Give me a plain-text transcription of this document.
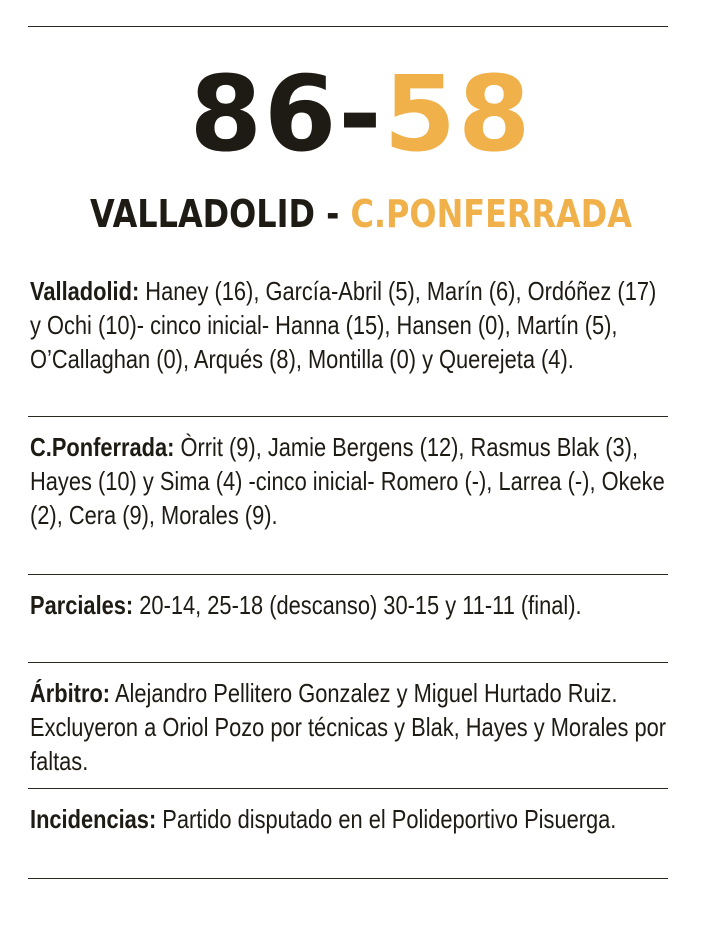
86-58
VALLADOLID - C.PONFERRADA
Valladolid: Haney (16), García-Abril (5), Marín (6), Ordóñez (17) y Ochi (10)- cinco inicial- Hanna (15), Hansen (0), Martín (5), O’Callaghan (0), Arqués (8), Montilla (0) y Querejeta (4).
C.Ponferrada: Òrrit (9), Jamie Bergens (12), Rasmus Blak (3), Hayes (10) y Sima (4) -cinco inicial- Romero (-), Larrea (-), Okeke (2), Cera (9), Morales (9).
Parciales: 20-14, 25-18 (descanso) 30-15 y 11-11 (final).
Árbitro: Alejandro Pellitero Gonzalez y Miguel Hurtado Ruiz. Excluyeron a Oriol Pozo por técnicas y Blak, Hayes y Morales por faltas.
Incidencias: Partido disputado en el Polideportivo Pisuerga.
